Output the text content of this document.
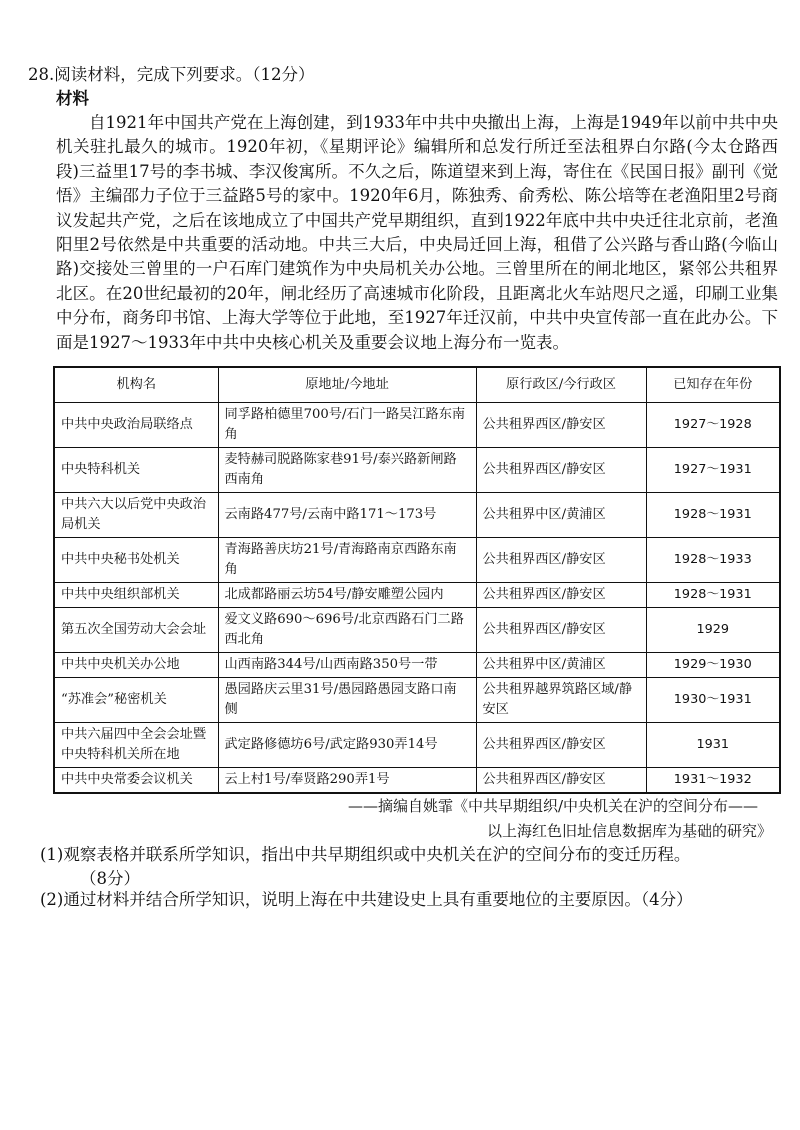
28.阅读材料，完成下列要求。（12分）
材料
自1921年中国共产党在上海创建，到1933年中共中央撤出上海，上海是1949年以前中共中央机关驻扎最久的城市。1920年初，《星期评论》编辑所和总发行所迁至法租界白尔路(今太仓路西段)三益里17号的李书城、李汉俊寓所。不久之后，陈道望来到上海，寄住在《民国日报》副刊《觉悟》主编邵力子位于三益路5号的家中。1920年6月，陈独秀、俞秀松、陈公培等在老渔阳里2号商议发起共产党，之后在该地成立了中国共产党早期组织，直到1922年底中共中央迁往北京前，老渔阳里2号依然是中共重要的活动地。中共三大后，中央局迁回上海，租借了公兴路与香山路(今临山路)交接处三曾里的一户石库门建筑作为中央局机关办公地。三曾里所在的闸北地区，紧邻公共租界北区。在20世纪最初的20年，闸北经历了高速城市化阶段，且距离北火车站咫尺之遥，印刷工业集中分布，商务印书馆、上海大学等位于此地，至1927年迁汉前，中共中央宣传部一直在此办公。下面是1927～1933年中共中央核心机关及重要会议地上海分布一览表。
机构名	原地址/今地址	原行政区/今行政区	已知存在年份
中共中央政治局联络点	同孚路柏德里700号/石门一路吴江路东南角	公共租界西区/静安区	1927～1928
中央特科机关	麦特赫司脱路陈家巷91号/泰兴路新闸路西南角	公共租界西区/静安区	1927～1931
中共六大以后党中央政治局机关	云南路477号/云南中路171～173号	公共租界中区/黄浦区	1928～1931
中共中央秘书处机关	青海路善庆坊21号/青海路南京西路东南角	公共租界西区/静安区	1928～1933
中共中央组织部机关	北成都路丽云坊54号/静安雕塑公园内	公共租界西区/静安区	1928～1931
第五次全国劳动大会会址	爱文义路690～696号/北京西路石门二路西北角	公共租界西区/静安区	1929
中共中央机关办公地	山西南路344号/山西南路350号一带	公共租界中区/黄浦区	1929～1930
“苏准会”秘密机关	愚园路庆云里31号/愚园路愚园支路口南侧	公共租界越界筑路区域/静安区	1930～1931
中共六届四中全会会址暨中央特科机关所在地	武定路修德坊6号/武定路930弄14号	公共租界西区/静安区	1931
中共中央常委会议机关	云上村1号/奉贤路290弄1号	公共租界西区/静安区	1931～1932
——摘编自姚霏《中共早期组织/中央机关在沪的空间分布——
以上海红色旧址信息数据库为基础的研究》
(1)观察表格并联系所学知识，指出中共早期组织或中央机关在沪的空间分布的变迁历程。
（8分）
(2)通过材料并结合所学知识，说明上海在中共建设史上具有重要地位的主要原因。（4分）
